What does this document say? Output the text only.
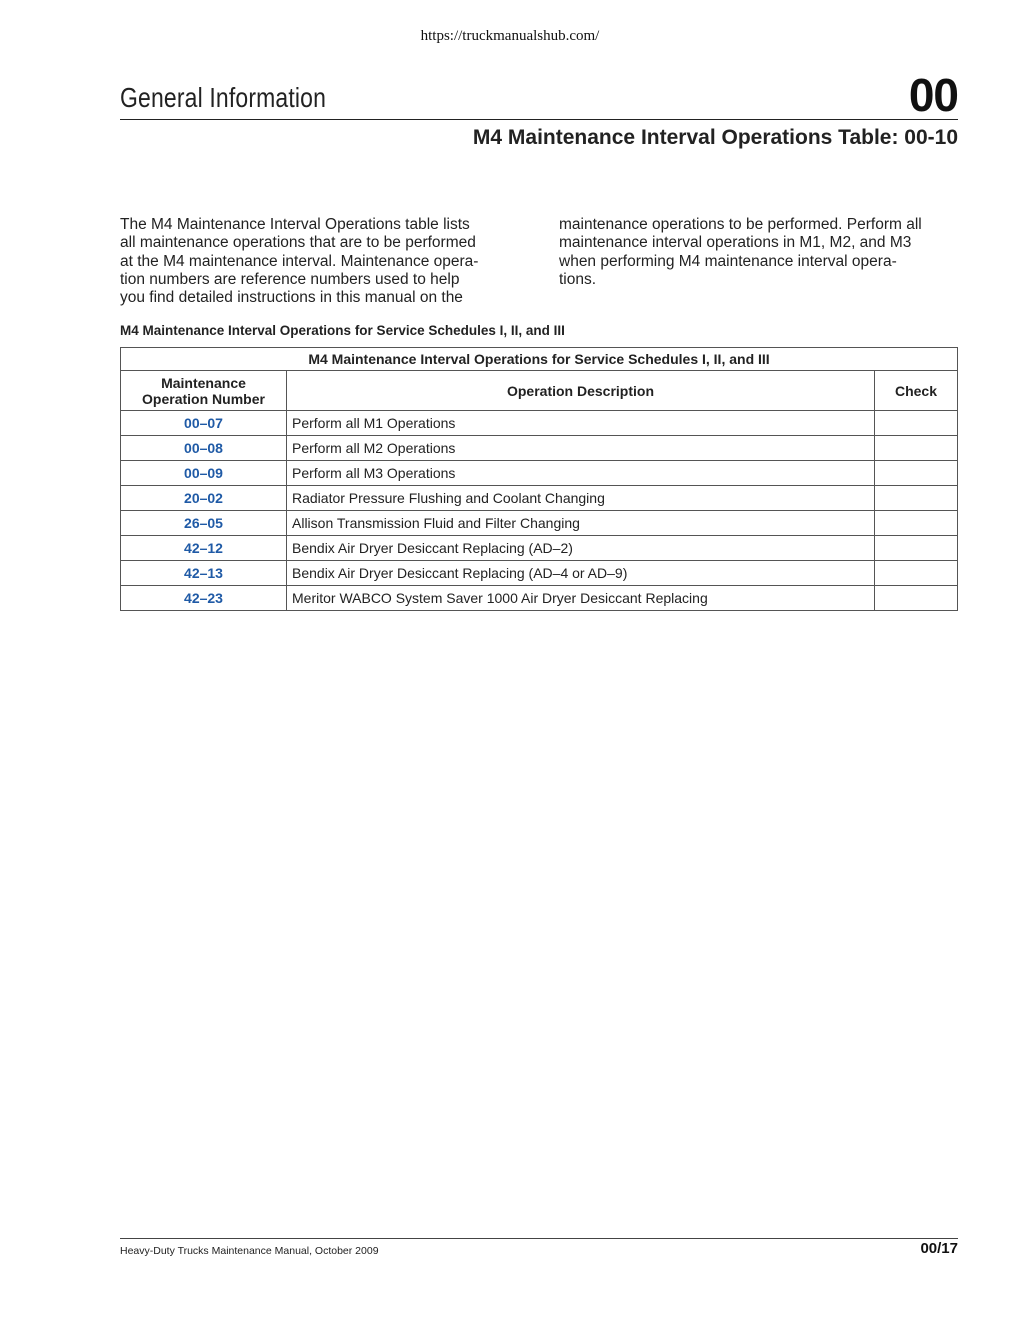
https://truckmanualshub.com/
General Information	00
M4 Maintenance Interval Operations Table: 00-10
The M4 Maintenance Interval Operations table lists
all maintenance operations that are to be performed
at the M4 maintenance interval. Maintenance opera-
tion numbers are reference numbers used to help
you find detailed instructions in this manual on the
maintenance operations to be performed. Perform all
maintenance interval operations in M1, M2, and M3
when performing M4 maintenance interval opera-
tions.
M4 Maintenance Interval Operations for Service Schedules I, II, and III
M4 Maintenance Interval Operations for Service Schedules I, II, and III		
Maintenance
Operation Number	Operation Description	Check
00–07	Perform all M1 Operations	
00–08	Perform all M2 Operations	
00–09	Perform all M3 Operations	
20–02	Radiator Pressure Flushing and Coolant Changing	
26–05	Allison Transmission Fluid and Filter Changing	
42–12	Bendix Air Dryer Desiccant Replacing (AD–2)	
42–13	Bendix Air Dryer Desiccant Replacing (AD–4 or AD–9)	
42–23	Meritor WABCO System Saver 1000 Air Dryer Desiccant Replacing	
Heavy-Duty Trucks Maintenance Manual, October 2009	00/17
